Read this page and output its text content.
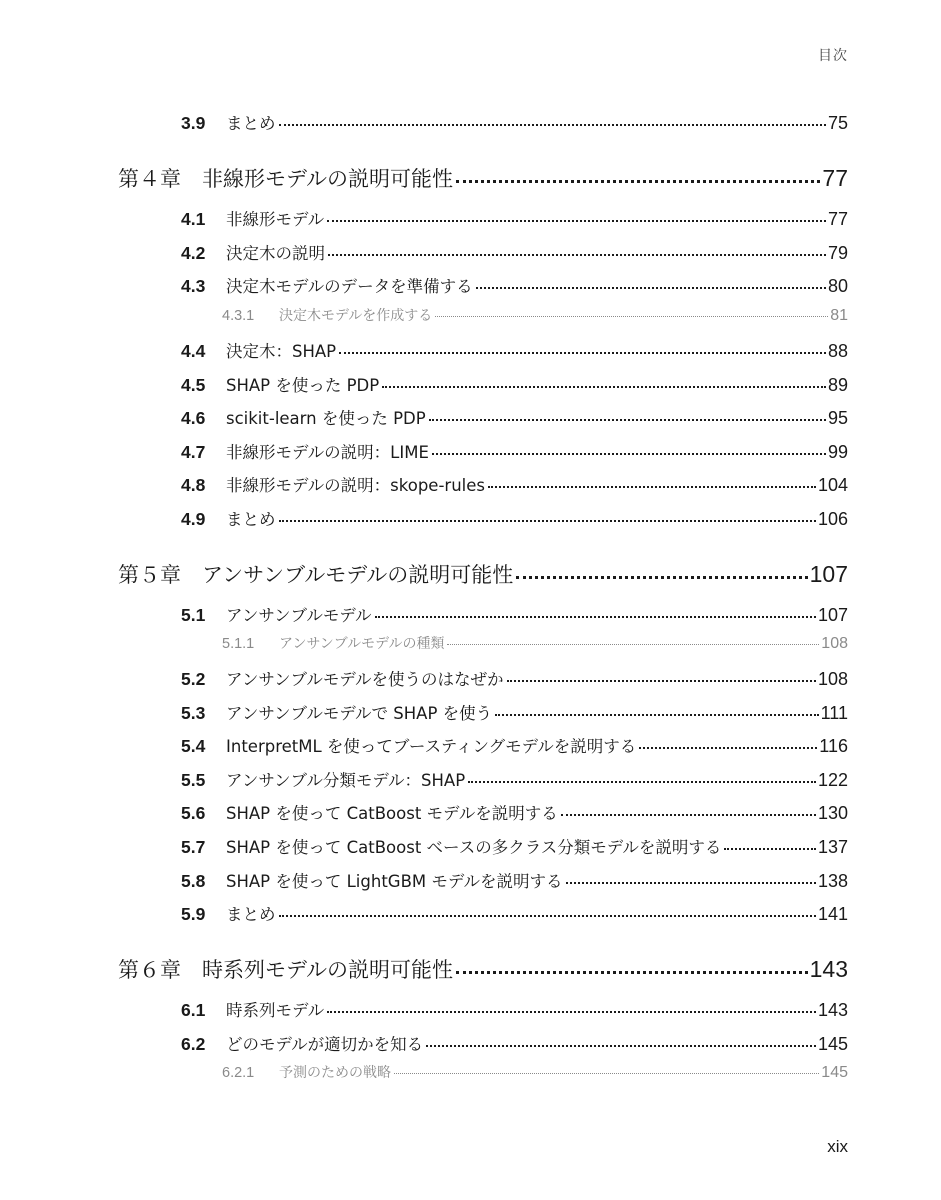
目次
3.9	まとめ	75
第４章	非線形モデルの説明可能性	77
4.1	非線形モデル	77
4.2	決定木の説明	79
4.3	決定木モデルのデータを準備する	80
4.3.1	決定木モデルを作成する	81
4.4	決定木：SHAP	88
4.5	SHAP を使った PDP	89
4.6	scikit-learn を使った PDP	95
4.7	非線形モデルの説明：LIME	99
4.8	非線形モデルの説明：skope-rules	104
4.9	まとめ	106
第５章	アンサンブルモデルの説明可能性	107
5.1	アンサンブルモデル	107
5.1.1	アンサンブルモデルの種類	108
5.2	アンサンブルモデルを使うのはなぜか	108
5.3	アンサンブルモデルで SHAP を使う	111
5.4	InterpretML を使ってブースティングモデルを説明する	116
5.5	アンサンブル分類モデル：SHAP	122
5.6	SHAP を使って CatBoost モデルを説明する	130
5.7	SHAP を使って CatBoost ベースの多クラス分類モデルを説明する	137
5.8	SHAP を使って LightGBM モデルを説明する	138
5.9	まとめ	141
第６章	時系列モデルの説明可能性	143
6.1	時系列モデル	143
6.2	どのモデルが適切かを知る	145
6.2.1	予測のための戦略	145
xix
